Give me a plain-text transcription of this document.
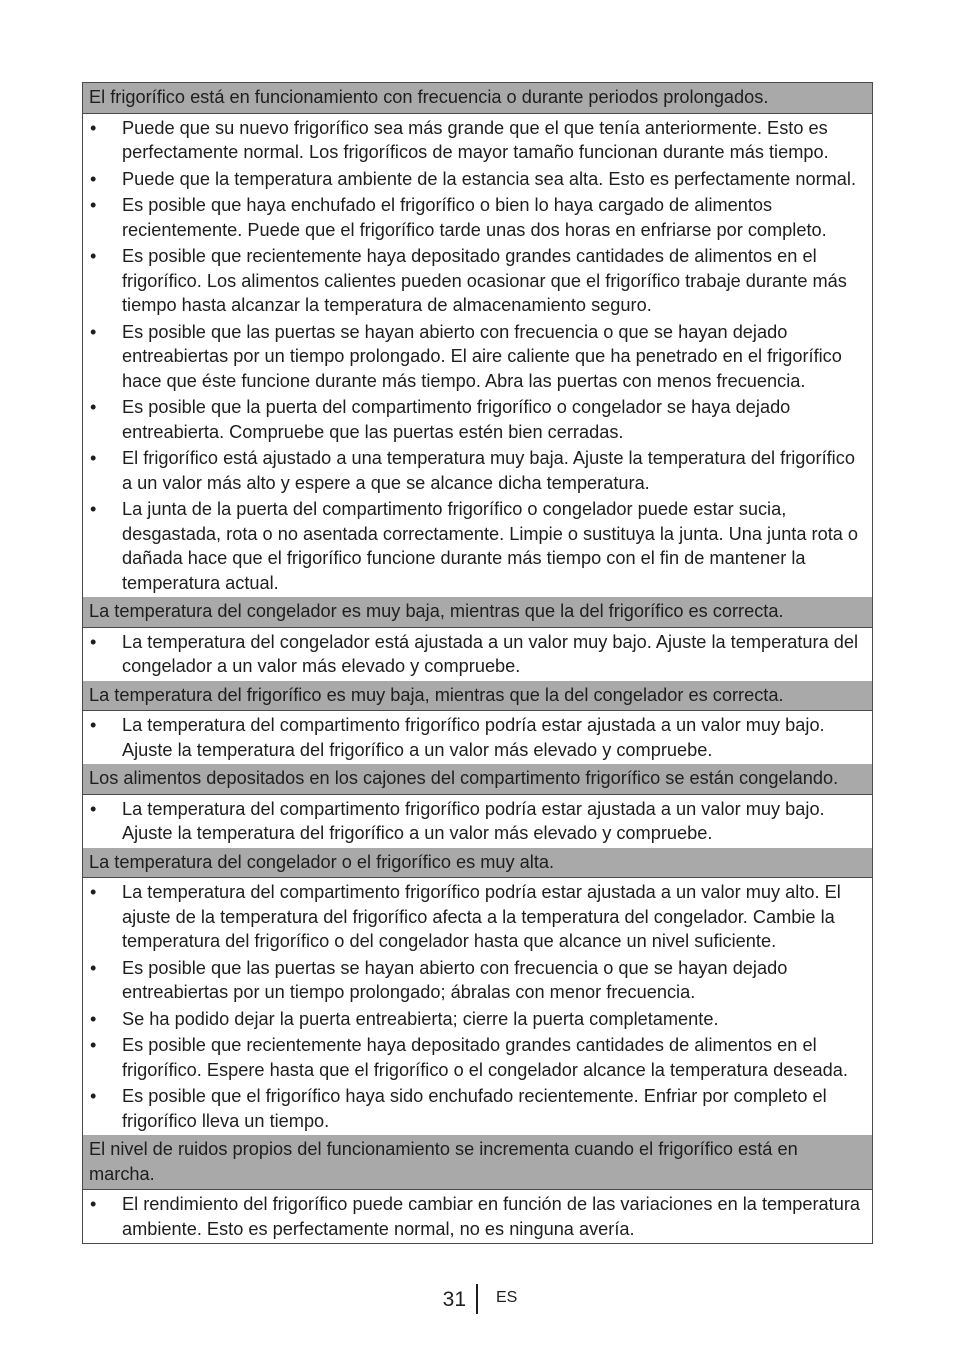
El frigorífico está en funcionamiento con frecuencia o durante periodos prolongados.
•	Puede que su nuevo frigorífico sea más grande que el que tenía anteriormente. Esto es perfectamente normal. Los frigoríficos de mayor tamaño funcionan durante más tiempo.
•	Puede que la temperatura ambiente de la estancia sea alta. Esto es perfectamente normal.
•	Es posible que haya enchufado el frigorífico o bien lo haya cargado de alimentos recientemente. Puede que el frigorífico tarde unas dos horas en enfriarse por completo.
•	Es posible que recientemente haya depositado grandes cantidades de alimentos en el frigorífico. Los alimentos calientes pueden ocasionar que el frigorífico trabaje durante más tiempo hasta alcanzar la temperatura de almacenamiento seguro.
•	Es posible que las puertas se hayan abierto con frecuencia o que se hayan dejado entreabiertas por un tiempo prolongado. El aire caliente que ha penetrado en el frigorífico hace que éste funcione durante más tiempo. Abra las puertas con menos frecuencia.
•	Es posible que la puerta del compartimento frigorífico o congelador se haya dejado entreabierta. Compruebe que las puertas estén bien cerradas.
•	El frigorífico está ajustado a una temperatura muy baja. Ajuste la temperatura del frigorífico a un valor más alto y espere a que se alcance dicha temperatura.
•	La junta de la puerta del compartimento frigorífico o congelador puede estar sucia, desgastada, rota o no asentada correctamente. Limpie o sustituya la junta. Una junta rota o dañada hace que el frigorífico funcione durante más tiempo con el fin de mantener la temperatura actual.
La temperatura del congelador es muy baja, mientras que la del frigorífico es correcta.
•	La temperatura del congelador está ajustada a un valor muy bajo. Ajuste la temperatura del congelador a un valor más elevado y compruebe.
La temperatura del frigorífico es muy baja, mientras que la del congelador es correcta.
•	La temperatura del compartimento frigorífico podría estar ajustada a un valor muy bajo. Ajuste la temperatura del frigorífico a un valor más elevado y compruebe.
Los alimentos depositados en los cajones del compartimento frigorífico se están congelando.
•	La temperatura del compartimento frigorífico podría estar ajustada a un valor muy bajo. Ajuste la temperatura del frigorífico a un valor más elevado y compruebe.
La temperatura del congelador o el frigorífico es muy alta.
•	La temperatura del compartimento frigorífico podría estar ajustada a un valor muy alto. El ajuste de la temperatura del frigorífico afecta a la temperatura del congelador. Cambie la temperatura del frigorífico o del congelador hasta que alcance un nivel suficiente.
•	Es posible que las puertas se hayan abierto con frecuencia o que se hayan dejado entreabiertas por un tiempo prolongado; ábralas con menor frecuencia.
•	Se ha podido dejar la puerta entreabierta; cierre la puerta completamente.
•	Es posible que recientemente haya depositado grandes cantidades de alimentos en el frigorífico. Espere hasta que el frigorífico o el congelador alcance la temperatura deseada.
•	Es posible que el frigorífico haya sido enchufado recientemente. Enfriar por completo el frigorífico lleva un tiempo.
El nivel de ruidos propios del funcionamiento se incrementa cuando el frigorífico está en marcha.
•	El rendimiento del frigorífico puede cambiar en función de las variaciones en la temperatura ambiente. Esto es perfectamente normal, no es ninguna avería.
31 ES
